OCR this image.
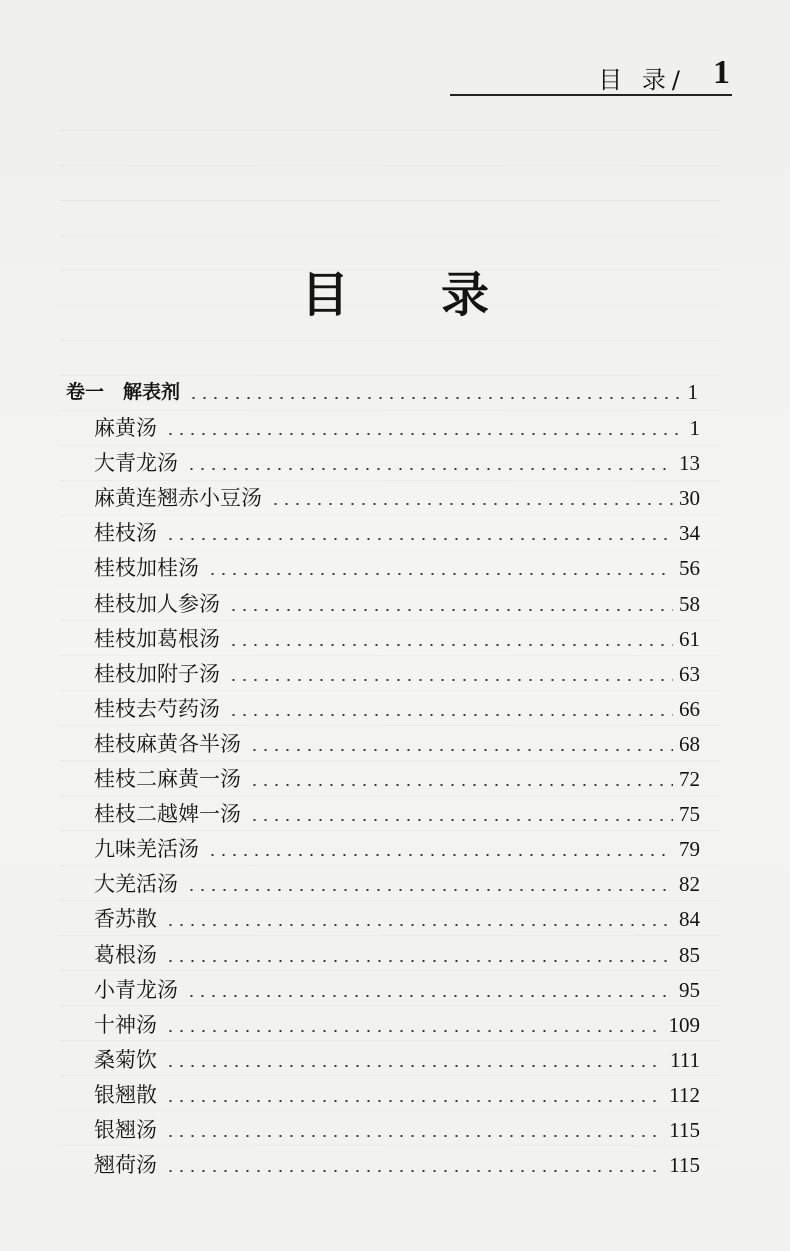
目 录/ 1
目录
卷一　解表剂	1
麻黄汤	1
大青龙汤	13
麻黄连翘赤小豆汤	30
桂枝汤	34
桂枝加桂汤	56
桂枝加人参汤	58
桂枝加葛根汤	61
桂枝加附子汤	63
桂枝去芍药汤	66
桂枝麻黄各半汤	68
桂枝二麻黄一汤	72
桂枝二越婢一汤	75
九味羌活汤	79
大羌活汤	82
香苏散	84
葛根汤	85
小青龙汤	95
十神汤	109
桑菊饮	111
银翘散	112
银翘汤	115
翘荷汤	115
